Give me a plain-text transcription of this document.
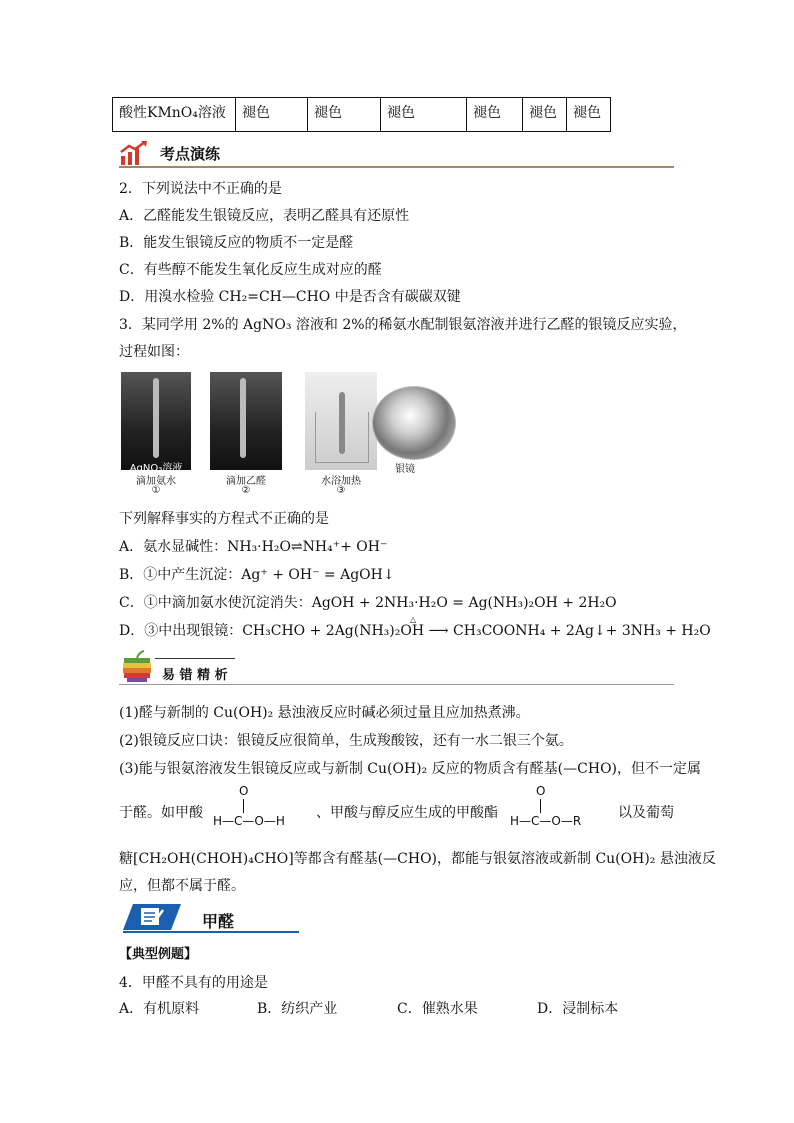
酸性KMnO₄溶液	褪色	褪色	褪色	褪色	褪色	褪色
考点演练
2．下列说法中不正确的是
A．乙醛能发生银镜反应，表明乙醛具有还原性
B．能发生银镜反应的物质不一定是醛
C．有些醇不能发生氧化反应生成对应的醛
D．用溴水检验 CH₂=CH—CHO 中是否含有碳碳双键
3．某同学用 2%的 AgNO₃ 溶液和 2%的稀氨水配制银氨溶液并进行乙醛的银镜反应实验，
过程如图：
AgNO₃溶液
滴加氨水
①
滴加乙醛
②
水浴加热
③
银镜
下列解释事实的方程式不正确的是
A．氨水显碱性：NH₃·H₂O⇌NH₄⁺+ OH⁻
B．①中产生沉淀：Ag⁺ + OH⁻ = AgOH↓
C．①中滴加氨水使沉淀消失：AgOH + 2NH₃·H₂O = Ag(NH₃)₂OH + 2H₂O
D．③中出现银镜：CH₃CHO + 2Ag(NH₃)₂OH ⟶ CH₃COONH₄ + 2Ag↓+ 3NH₃ + H₂O
△
易 错 精 析
(1)醛与新制的 Cu(OH)₂ 悬浊液反应时碱必须过量且应加热煮沸。
(2)银镜反应口诀：银镜反应很简单，生成羧酸铵，还有一水二银三个氨。
(3)能与银氨溶液发生银镜反应或与新制 Cu(OH)₂ 反应的物质含有醛基(—CHO)，但不一定属
于醛。如甲酸
O
H—C—O—H 、甲酸与醇反应生成的甲酸酯
O
H—C—O—R	以及葡萄
糖[CH₂OH(CHOH)₄CHO]等都含有醛基(—CHO)，都能与银氨溶液或新制 Cu(OH)₂ 悬浊液反
应，但都不属于醛。
甲醛
【典型例题】
4．甲醛不具有的用途是
A．有机原料	B．纺织产业	C．催熟水果	D．浸制标本
